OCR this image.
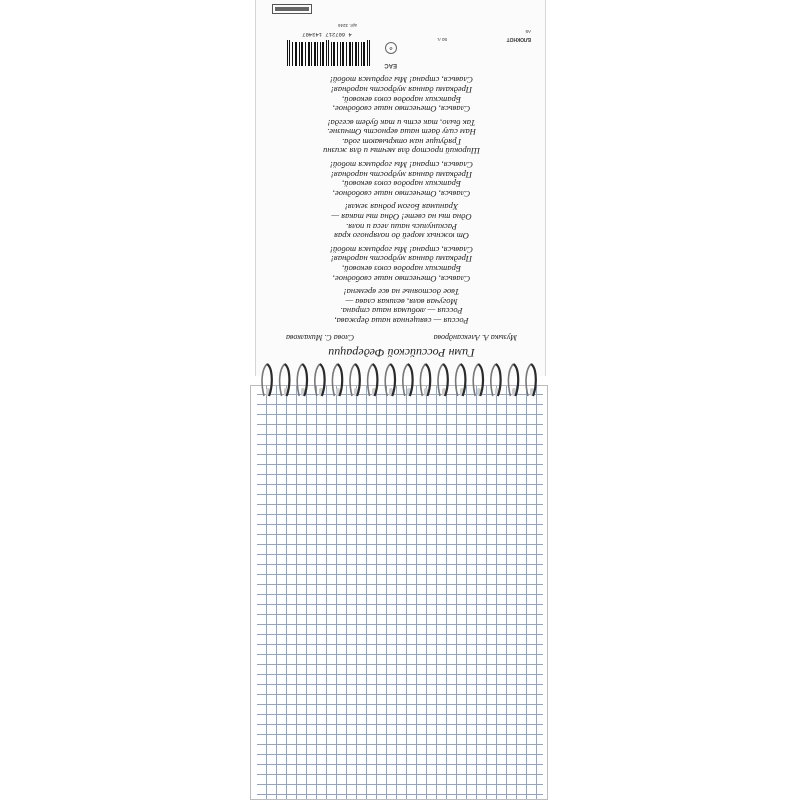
Гимн Российской Федерации
Музыка А. Александрова
Слова С. Михалкова
Россия — священная наша держава,
Россия — любимая наша страна.
Могучая воля, великая слава —
Твое достоянье на все времена!
Славься, Отечество наше свободное,
Братских народов союз вековой,
Предками данная мудрость народная!
Славься, страна! Мы гордимся тобой!
От южных морей до полярного края
Раскинулись наши леса и поля.
Одна ты на свете! Одна ты такая —
Хранимая Богом родная земля!
Славься, Отечество наше свободное,
Братских народов союз вековой,
Предками данная мудрость народная!
Славься, страна! Мы гордимся тобой!
Широкий простор для мечты и для жизни
Грядущие нам открывают года.
Нам силу дает наша верность Отчизне.
Так было, так есть и так будет всегда!
Славься, Отечество наше свободное,
Братских народов союз вековой,
Предками данная мудрость народная!
Славься, страна! Мы гордимся тобой!

БЛОКНОТ
А5
50 л.
EAC
♻
4 607217 143407
арт. 3246
